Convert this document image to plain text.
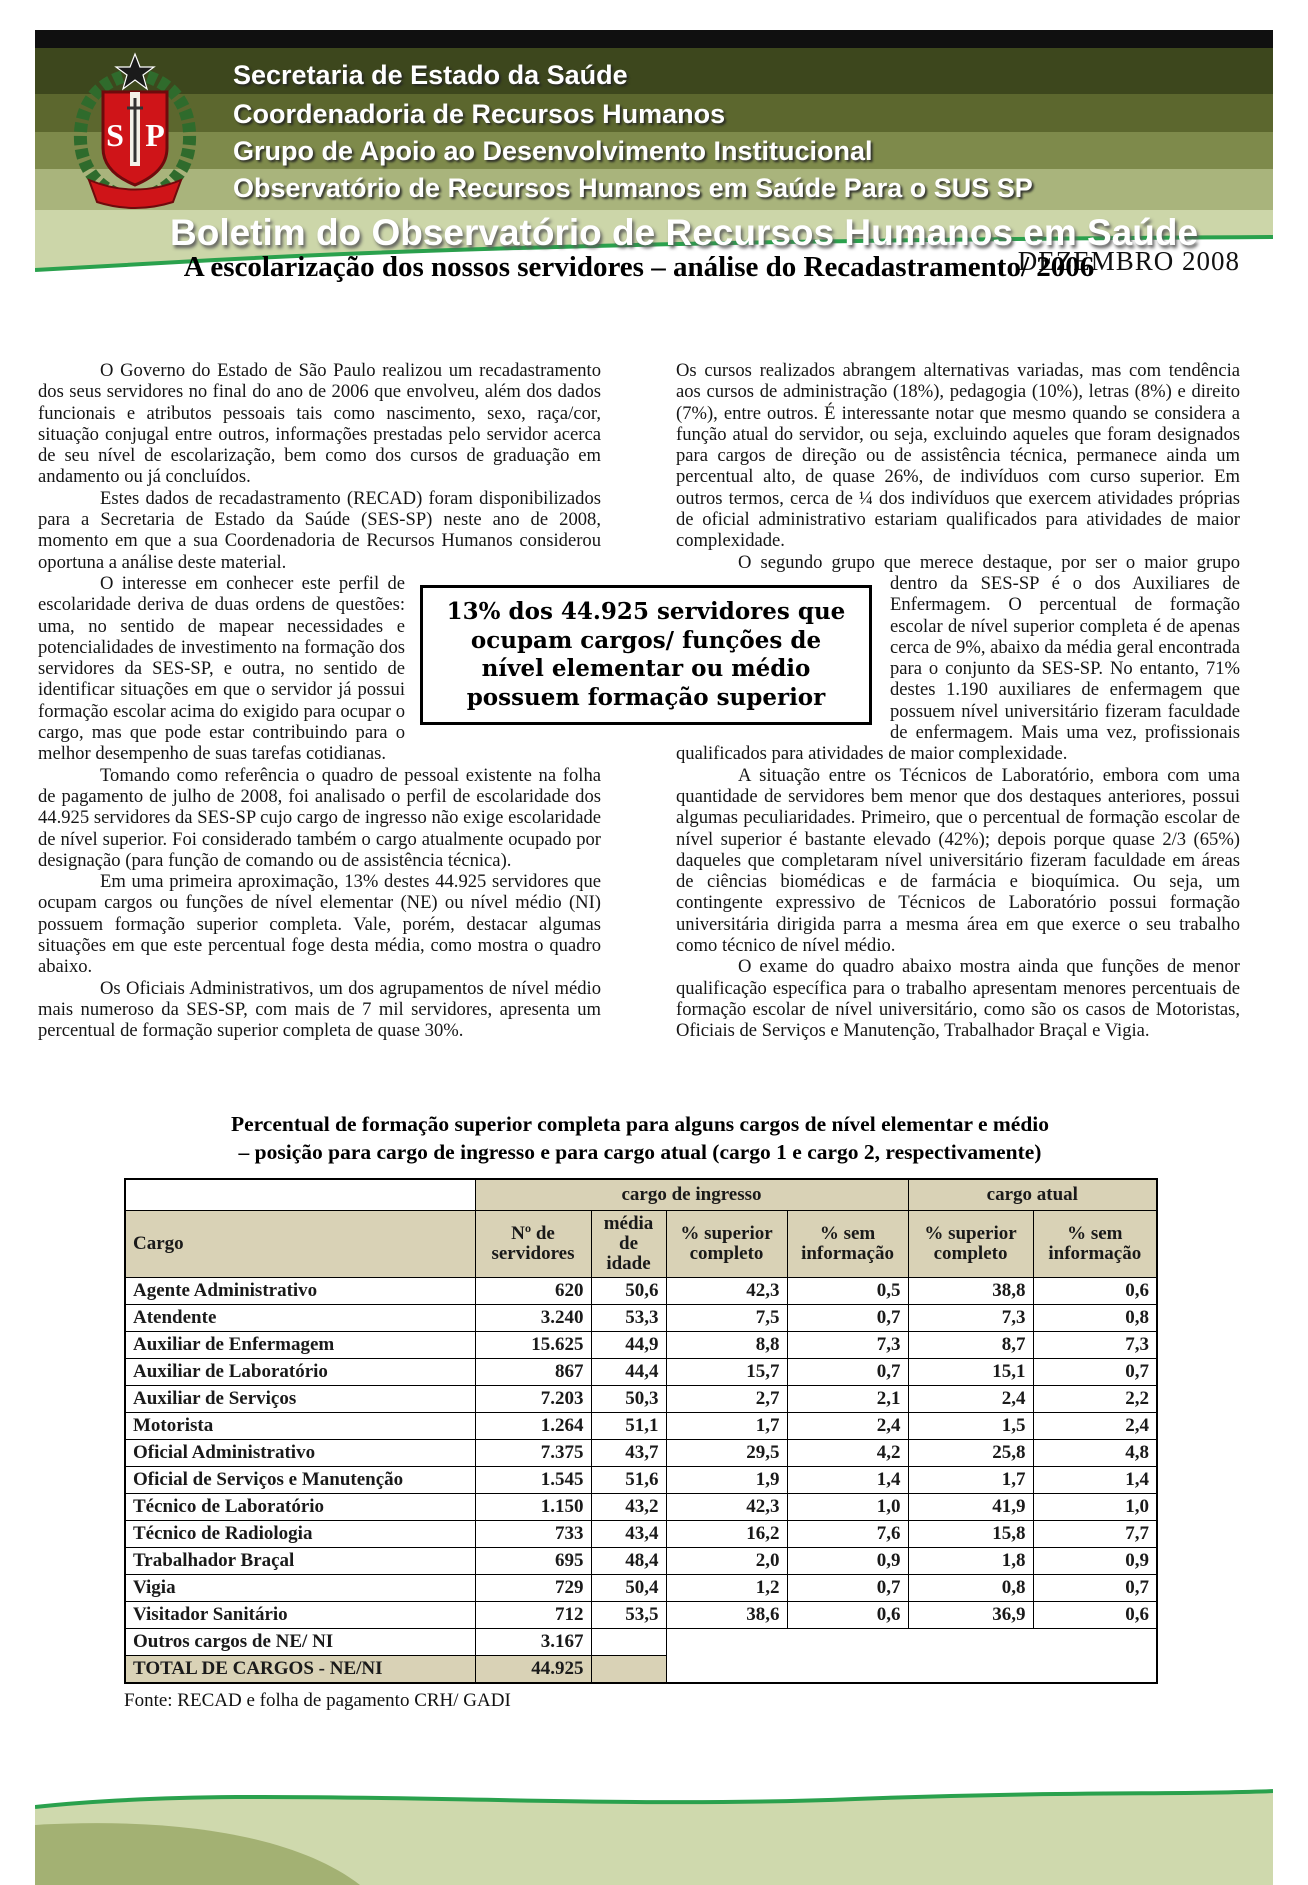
Secretaria de Estado da Saúde
Coordenadoria de Recursos Humanos
Grupo de Apoio ao Desenvolvimento Institucional
Observatório de Recursos Humanos em Saúde Para o SUS SP
Boletim do Observatório de Recursos Humanos em Saúde
S P
DEZEMBRO 2008
A escolarização dos nossos servidores – análise do Recadastramento/ 2006

O Governo do Estado de São Paulo realizou um recadastramento dos seus servidores no final do ano de 2006 que envolveu, além dos dados funcionais e atributos pessoais tais como nascimento, sexo, raça/cor, situação conjugal entre outros, informações prestadas pelo servidor acerca de seu nível de escolarização, bem como dos cursos de graduação em andamento ou já concluídos.

Estes dados de recadastramento (RECAD) foram disponibilizados para a Secretaria de Estado da Saúde (SES-SP) neste ano de 2008, momento em que a sua Coordenadoria de Recursos Humanos considerou oportuna a análise deste material.

O interesse em conhecer este perfil de escolaridade deriva de duas ordens de questões: uma, no sentido de mapear necessidades e potencialidades de investimento na formação dos servidores da SES-SP, e outra, no sentido de identificar situações em que o servidor já possui formação escolar acima do exigido para ocupar o cargo, mas que pode estar contribuindo para o melhor desempenho de suas tarefas cotidianas.

Tomando como referência o quadro de pessoal existente na folha de pagamento de julho de 2008, foi analisado o perfil de escolaridade dos 44.925 servidores da SES-SP cujo cargo de ingresso não exige escolaridade de nível superior. Foi considerado também o cargo atualmente ocupado por designação (para função de comando ou de assistência técnica).

Em uma primeira aproximação, 13% destes 44.925 servidores que ocupam cargos ou funções de nível elementar (NE) ou nível médio (NI) possuem formação superior completa. Vale, porém, destacar algumas situações em que este percentual foge desta média, como mostra o quadro abaixo.

Os Oficiais Administrativos, um dos agrupamentos de nível médio mais numeroso da SES-SP, com mais de 7 mil servidores, apresenta um percentual de formação superior completa de quase 30%.

Os cursos realizados abrangem alternativas variadas, mas com tendência aos cursos de administração (18%), pedagogia (10%), letras (8%) e direito (7%), entre outros. É interessante notar que mesmo quando se considera a função atual do servidor, ou seja, excluindo aqueles que foram designados para cargos de direção ou de assistência técnica, permanece ainda um percentual alto, de quase 26%, de indivíduos com curso superior. Em outros termos, cerca de ¼ dos indivíduos que exercem atividades próprias de oficial administrativo estariam qualificados para atividades de maior complexidade.

O segundo grupo que merece destaque, por ser o maior grupo
dentro da SES-SP é o dos Auxiliares de Enfermagem. O percentual de formação escolar de nível superior completa é de apenas cerca de 9%, abaixo da média geral encontrada para o conjunto da SES-SP. No entanto, 71% destes 1.190 auxiliares de enfermagem que possuem nível universitário fizeram faculdade de enfermagem. Mais uma vez, profissionais qualificados para atividades de maior complexidade.

A situação entre os Técnicos de Laboratório, embora com uma quantidade de servidores bem menor que dos destaques anteriores, possui algumas peculiaridades. Primeiro, que o percentual de formação escolar de nível superior é bastante elevado (42%); depois porque quase 2/3 (65%) daqueles que completaram nível universitário fizeram faculdade em áreas de ciências biomédicas e de farmácia e bioquímica. Ou seja, um contingente expressivo de Técnicos de Laboratório possui formação universitária dirigida parra a mesma área em que exerce o seu trabalho como técnico de nível médio.

O exame do quadro abaixo mostra ainda que funções de menor qualificação específica para o trabalho apresentam menores percentuais de formação escolar de nível universitário, como são os casos de Motoristas, Oficiais de Serviços e Manutenção, Trabalhador Braçal e Vigia.

13% dos 44.925 servidores que ocupam cargos/ funções de nível elementar ou médio possuem formação superior
Percentual de formação superior completa para alguns cargos de nível elementar e médio
– posição para cargo de ingresso e para cargo atual (cargo 1 e cargo 2, respectivamente)
	cargo de ingresso				cargo atual	
Cargo	Nº de servidores	média de idade	% superior completo	% sem informação	% superior completo	% sem informação
Agente Administrativo	620	50,6	42,3	0,5	38,8	0,6
Atendente	3.240	53,3	7,5	0,7	7,3	0,8
Auxiliar de Enfermagem	15.625	44,9	8,8	7,3	8,7	7,3
Auxiliar de Laboratório	867	44,4	15,7	0,7	15,1	0,7
Auxiliar de Serviços	7.203	50,3	2,7	2,1	2,4	2,2
Motorista	1.264	51,1	1,7	2,4	1,5	2,4
Oficial Administrativo	7.375	43,7	29,5	4,2	25,8	4,8
Oficial de Serviços e Manutenção	1.545	51,6	1,9	1,4	1,7	1,4
Técnico de Laboratório	1.150	43,2	42,3	1,0	41,9	1,0
Técnico de Radiologia	733	43,4	16,2	7,6	15,8	7,7
Trabalhador Braçal	695	48,4	2,0	0,9	1,8	0,9
Vigia	729	50,4	1,2	0,7	0,8	0,7
Visitador Sanitário	712	53,5	38,6	0,6	36,9	0,6
Outros cargos de NE/ NI	3.167					
TOTAL DE CARGOS - NE/NI	44.925					
Fonte: RECAD e folha de pagamento CRH/ GADI
